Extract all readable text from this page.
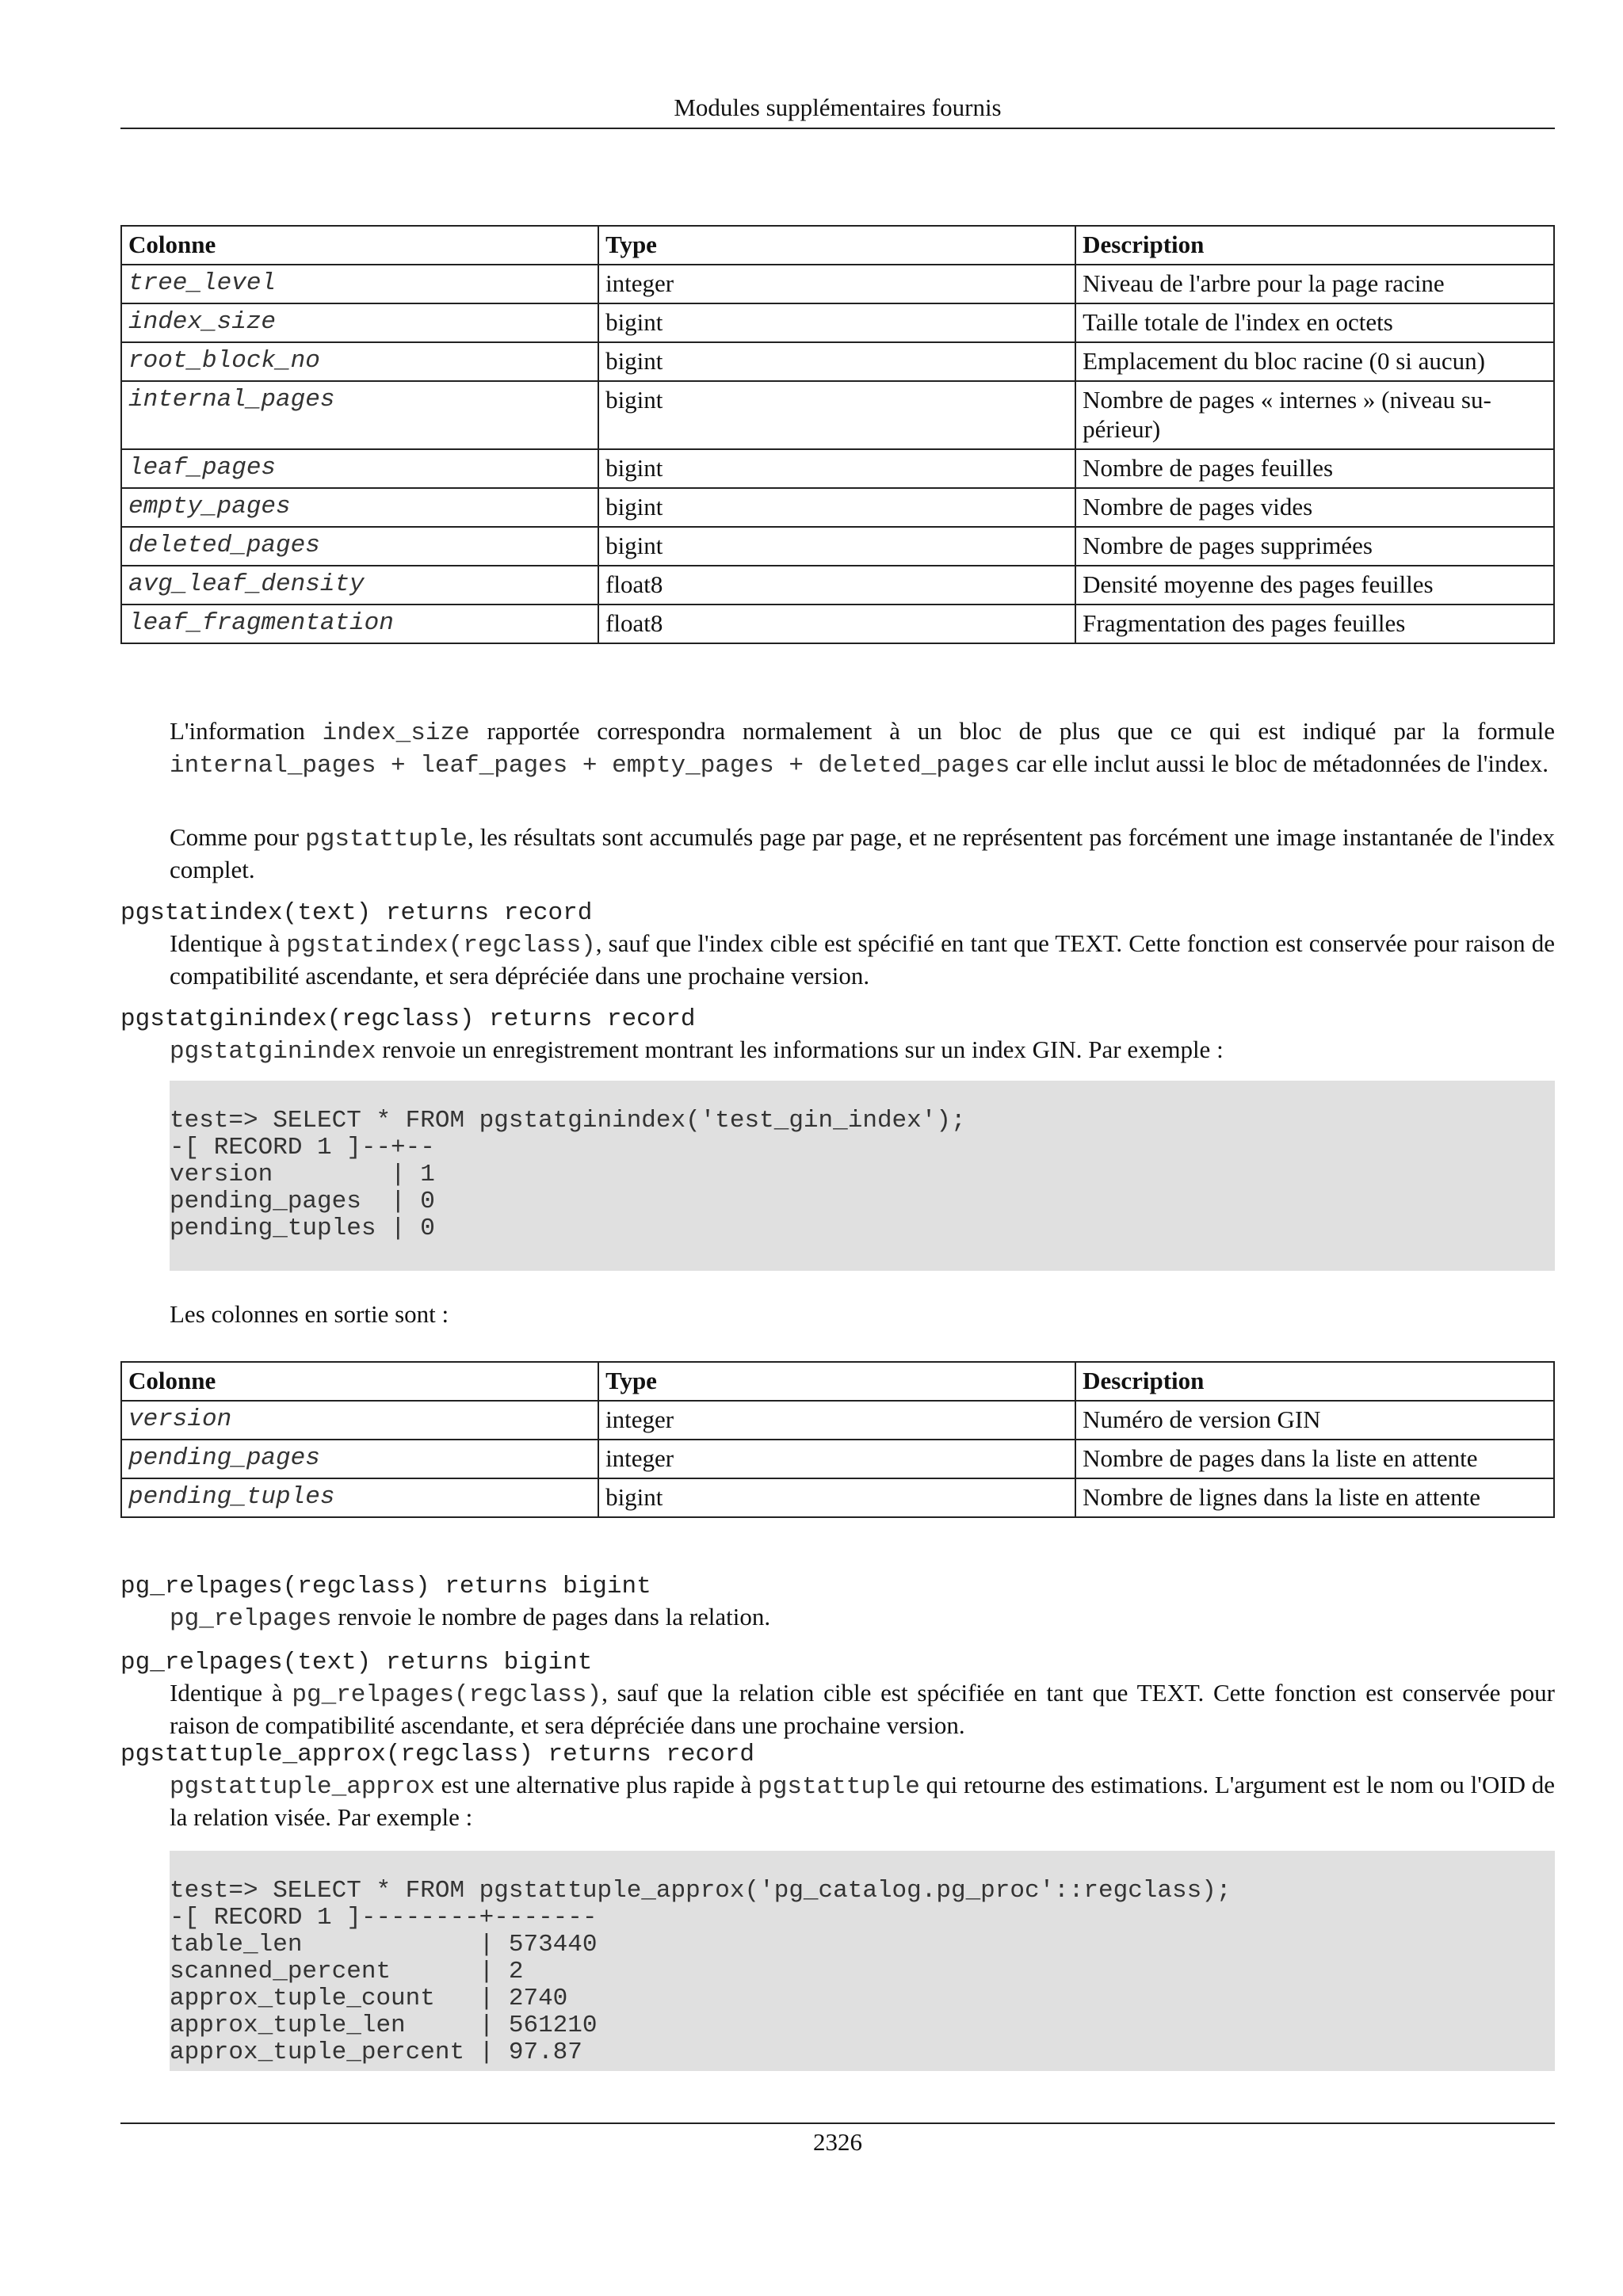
Modules supplémentaires fournis
Colonne	Type	Description
tree_level	integer	Niveau de l'arbre pour la page racine
index_size	bigint	Taille totale de l'index en octets
root_block_no	bigint	Emplacement du bloc racine (0 si aucun)
internal_pages	bigint	Nombre de pages « internes » (niveau su-
périeur)
leaf_pages	bigint	Nombre de pages feuilles
empty_pages	bigint	Nombre de pages vides
deleted_pages	bigint	Nombre de pages supprimées
avg_leaf_density	float8	Densité moyenne des pages feuilles
leaf_fragmentation	float8	Fragmentation des pages feuilles
L'information index_size rapportée correspondra normalement à un bloc de plus que ce qui est indiqué par la formule internal_pages + leaf_pages + empty_pages + deleted_pages car elle inclut aussi le bloc de métadonnées de l'index.
Comme pour pgstattuple, les résultats sont accumulés page par page, et ne représentent pas forcément une image instantanée de l'index complet.
pgstatindex(text) returns record
Identique à pgstatindex(regclass), sauf que l'index cible est spécifié en tant que TEXT. Cette fonction est conservée pour raison de compatibilité ascendante, et sera dépréciée dans une prochaine version.
pgstatginindex(regclass) returns record
pgstatginindex renvoie un enregistrement montrant les informations sur un index GIN. Par exemple :
test=> SELECT * FROM pgstatginindex('test_gin_index');
-[ RECORD 1 ]--+--
version        | 1
pending_pages  | 0
pending_tuples | 0
Les colonnes en sortie sont :
Colonne	Type	Description
version	integer	Numéro de version GIN
pending_pages	integer	Nombre de pages dans la liste en attente
pending_tuples	bigint	Nombre de lignes dans la liste en attente
pg_relpages(regclass) returns bigint
pg_relpages renvoie le nombre de pages dans la relation.
pg_relpages(text) returns bigint
Identique à pg_relpages(regclass), sauf que la relation cible est spécifiée en tant que TEXT. Cette fonction est conservée pour raison de compatibilité ascendante, et sera dépréciée dans une prochaine version.
pgstattuple_approx(regclass) returns record
pgstattuple_approx est une alternative plus rapide à pgstattuple qui retourne des estimations. L'argument est le nom ou l'OID de la relation visée. Par exemple :
test=> SELECT * FROM pgstattuple_approx('pg_catalog.pg_proc'::regclass);
-[ RECORD 1 ]--------+-------
table_len            | 573440
scanned_percent      | 2
approx_tuple_count   | 2740
approx_tuple_len     | 561210
approx_tuple_percent | 97.87
2326
